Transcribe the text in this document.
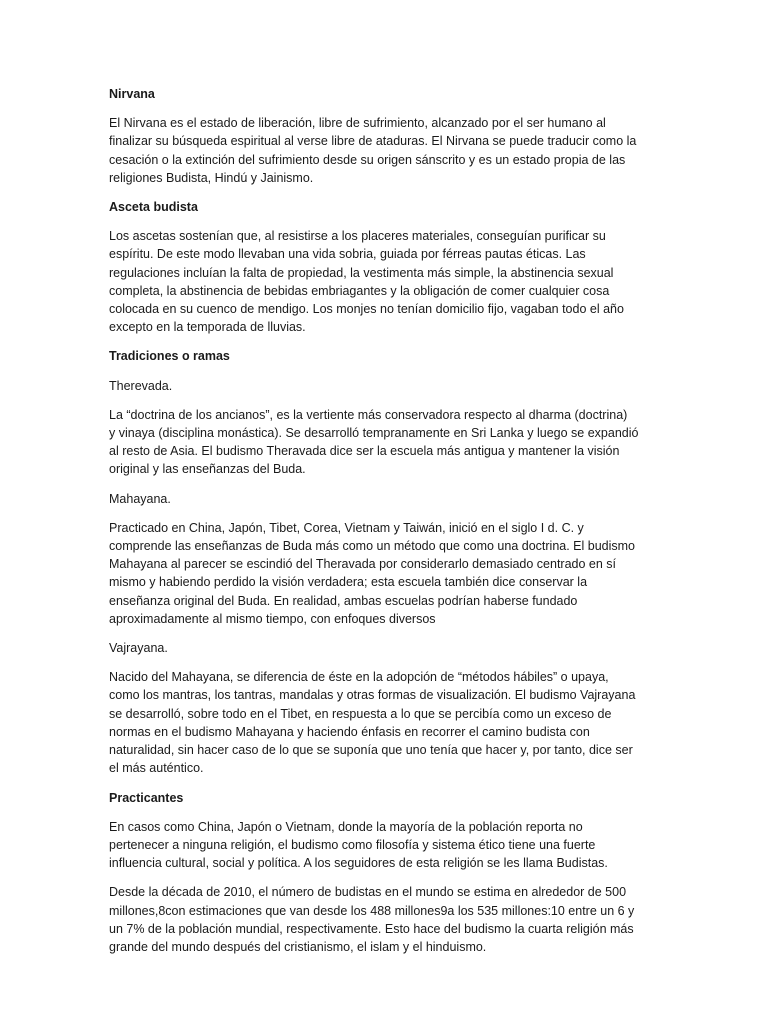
Nirvana

El Nirvana es el estado de liberación, libre de sufrimiento, alcanzado por el ser humano al
finalizar su búsqueda espiritual al verse libre de ataduras. El Nirvana se puede traducir como la
cesación o la extinción del sufrimiento desde su origen sánscrito y es un estado propia de las
religiones Budista, Hindú y Jainismo.

Asceta budista

Los ascetas sostenían que, al resistirse a los placeres materiales, conseguían purificar su
espíritu. De este modo llevaban una vida sobria, guiada por férreas pautas éticas. Las
regulaciones incluían la falta de propiedad, la vestimenta más simple, la abstinencia sexual
completa, la abstinencia de bebidas embriagantes y la obligación de comer cualquier cosa
colocada en su cuenco de mendigo. Los monjes no tenían domicilio fijo, vagaban todo el año
excepto en la temporada de lluvias.

Tradiciones o ramas
Therevada.

La “doctrina de los ancianos”, es la vertiente más conservadora respecto al dharma (doctrina)
y vinaya (disciplina monástica). Se desarrolló tempranamente en Sri Lanka y luego se expandió
al resto de Asia. El budismo Theravada dice ser la escuela más antigua y mantener la visión
original y las enseñanzas del Buda.

Mahayana.

Practicado en China, Japón, Tibet, Corea, Vietnam y Taiwán, inició en el siglo I d. C. y
comprende las enseñanzas de Buda más como un método que como una doctrina. El budismo
Mahayana al parecer se escindió del Theravada por considerarlo demasiado centrado en sí
mismo y habiendo perdido la visión verdadera; esta escuela también dice conservar la
enseñanza original del Buda. En realidad, ambas escuelas podrían haberse fundado
aproximadamente al mismo tiempo, con enfoques diversos

Vajrayana.

Nacido del Mahayana, se diferencia de éste en la adopción de “métodos hábiles” o upaya,
como los mantras, los tantras, mandalas y otras formas de visualización. El budismo Vajrayana
se desarrolló, sobre todo en el Tibet, en respuesta a lo que se percibía como un exceso de
normas en el budismo Mahayana y haciendo énfasis en recorrer el camino budista con
naturalidad, sin hacer caso de lo que se suponía que uno tenía que hacer y, por tanto, dice ser
el más auténtico.

Practicantes

En casos como China, Japón o Vietnam, donde la mayoría de la población reporta no
pertenecer a ninguna religión, el budismo como filosofía y sistema ético tiene una fuerte
influencia cultural, social y política. A los seguidores de esta religión se les llama Budistas.

Desde la década de 2010, el número de budistas en el mundo se estima en alrededor de 500
millones,8con estimaciones que van desde los 488 millones9a los 535 millones:10 entre un 6 y
un 7% de la población mundial, respectivamente. Esto hace del budismo la cuarta religión más
grande del mundo después del cristianismo, el islam y el hinduismo.
